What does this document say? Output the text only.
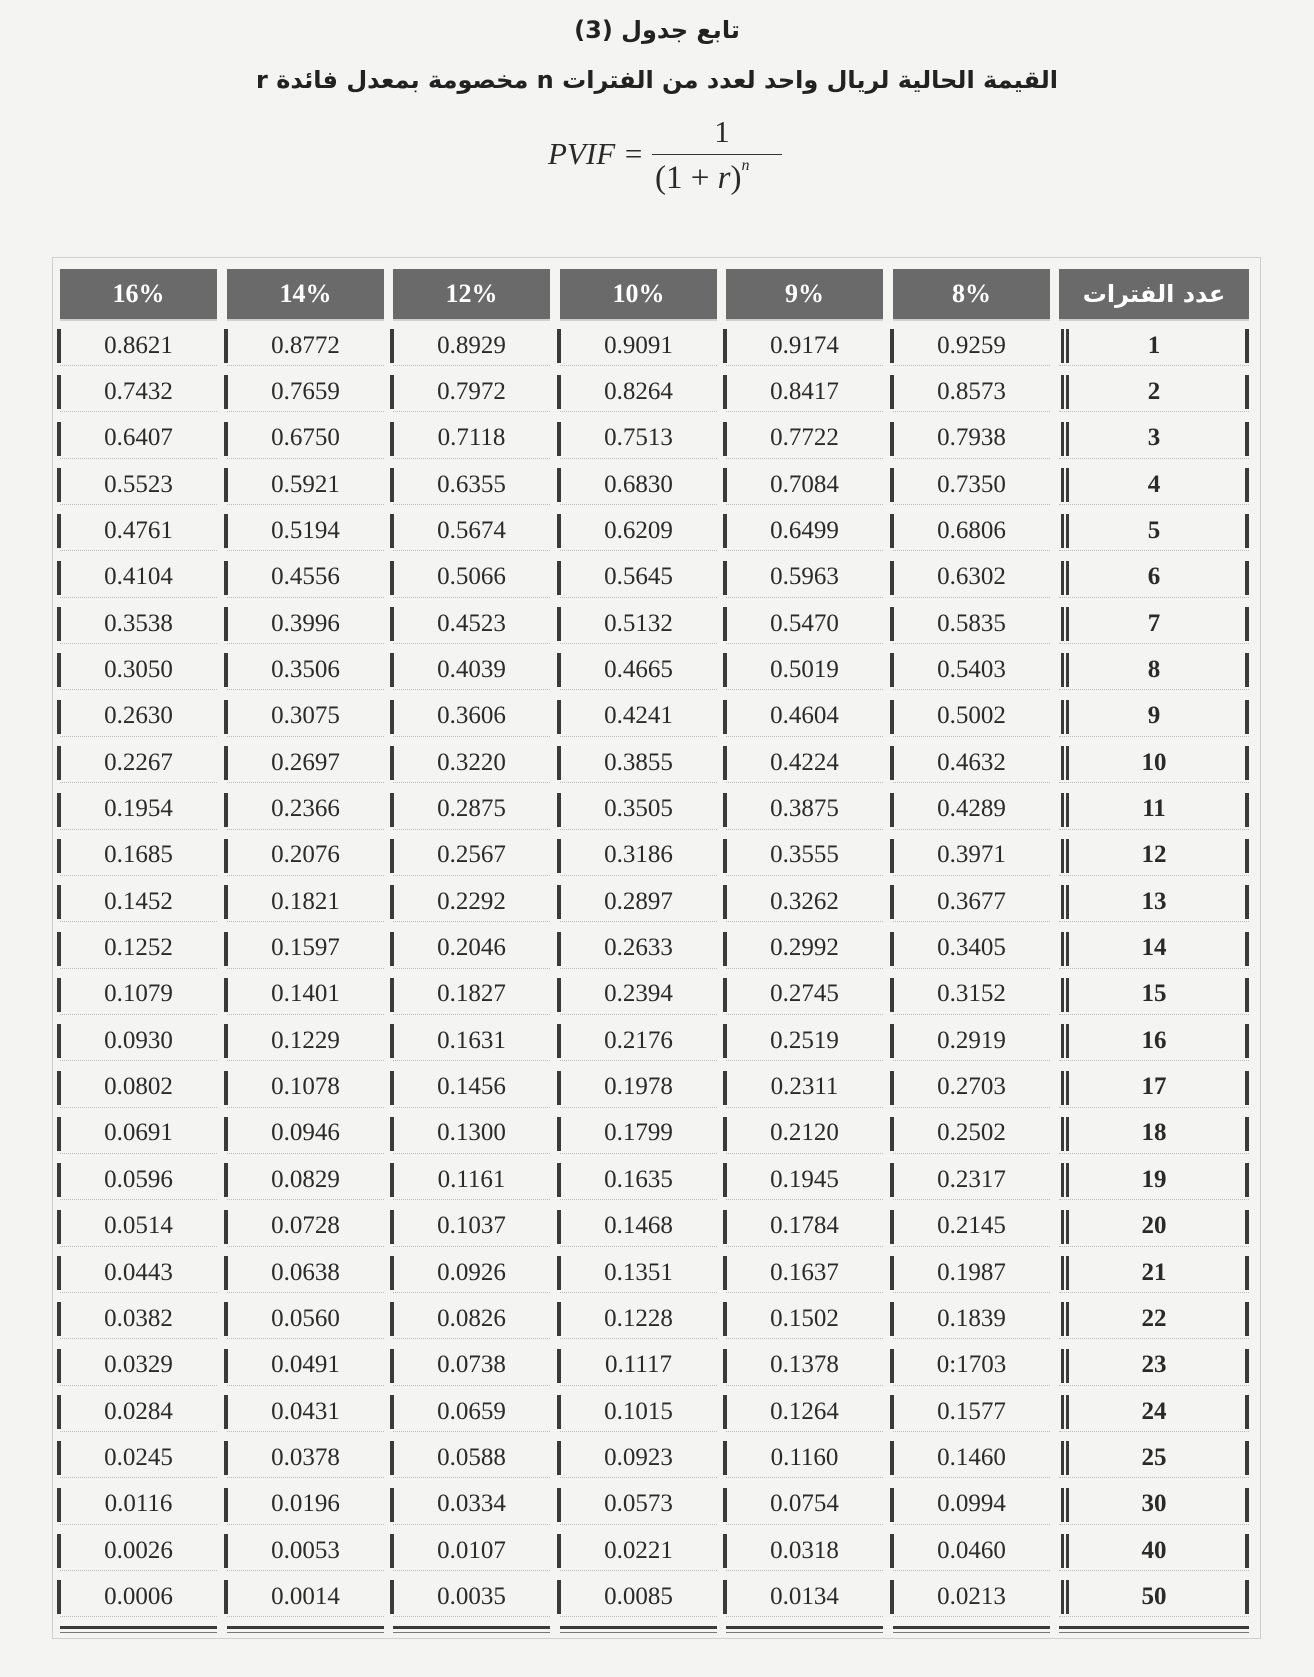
تابع جدول (3)
القيمة الحالية لريال واحد لعدد من الفترات n مخصومة بمعدل فائدة r
PVIF =
1
$(1 + r)^n$
عدد الفترات
8%
9%
10%
12%
14%
16%
1
0.9259
0.9174
0.9091
0.8929
0.8772
0.8621
2
0.8573
0.8417
0.8264
0.7972
0.7659
0.7432
3
0.7938
0.7722
0.7513
0.7118
0.6750
0.6407
4
0.7350
0.7084
0.6830
0.6355
0.5921
0.5523
5
0.6806
0.6499
0.6209
0.5674
0.5194
0.4761
6
0.6302
0.5963
0.5645
0.5066
0.4556
0.4104
7
0.5835
0.5470
0.5132
0.4523
0.3996
0.3538
8
0.5403
0.5019
0.4665
0.4039
0.3506
0.3050
9
0.5002
0.4604
0.4241
0.3606
0.3075
0.2630
10
0.4632
0.4224
0.3855
0.3220
0.2697
0.2267
11
0.4289
0.3875
0.3505
0.2875
0.2366
0.1954
12
0.3971
0.3555
0.3186
0.2567
0.2076
0.1685
13
0.3677
0.3262
0.2897
0.2292
0.1821
0.1452
14
0.3405
0.2992
0.2633
0.2046
0.1597
0.1252
15
0.3152
0.2745
0.2394
0.1827
0.1401
0.1079
16
0.2919
0.2519
0.2176
0.1631
0.1229
0.0930
17
0.2703
0.2311
0.1978
0.1456
0.1078
0.0802
18
0.2502
0.2120
0.1799
0.1300
0.0946
0.0691
19
0.2317
0.1945
0.1635
0.1161
0.0829
0.0596
20
0.2145
0.1784
0.1468
0.1037
0.0728
0.0514
21
0.1987
0.1637
0.1351
0.0926
0.0638
0.0443
22
0.1839
0.1502
0.1228
0.0826
0.0560
0.0382
23
0:1703
0.1378
0.1117
0.0738
0.0491
0.0329
24
0.1577
0.1264
0.1015
0.0659
0.0431
0.0284
25
0.1460
0.1160
0.0923
0.0588
0.0378
0.0245
30
0.0994
0.0754
0.0573
0.0334
0.0196
0.0116
40
0.0460
0.0318
0.0221
0.0107
0.0053
0.0026
50
0.0213
0.0134
0.0085
0.0035
0.0014
0.0006
